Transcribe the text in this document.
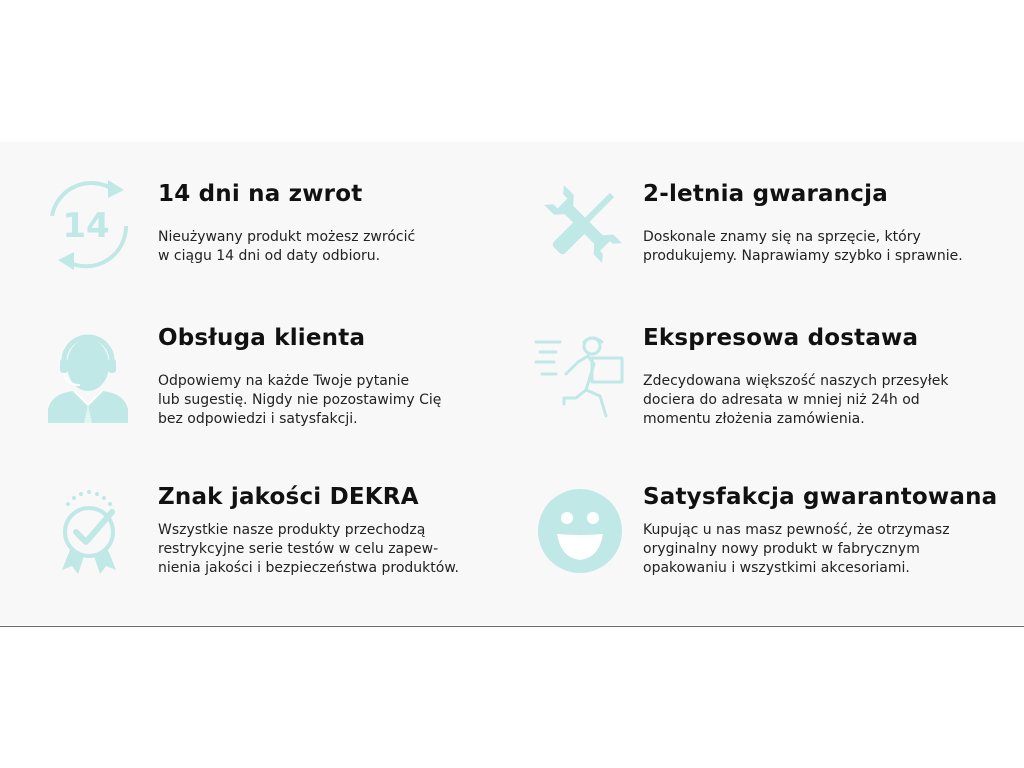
14
14 dni na zwrot

Nieużywany produkt możesz zwrócić
w ciągu 14 dni od daty odbioru.

2-letnia gwarancja

Doskonale znamy się na sprzęcie, który
produkujemy. Naprawiamy szybko i sprawnie.

Obsługa klienta

Odpowiemy na każde Twoje pytanie
lub sugestię. Nigdy nie pozostawimy Cię
bez odpowiedzi i satysfakcji.

Ekspresowa dostawa

Zdecydowana większość naszych przesyłek
dociera do adresata w mniej niż 24h od
momentu złożenia zamówienia.

Znak jakości DEKRA

Wszystkie nasze produkty przechodzą
restrykcyjne serie testów w celu zapew-
nienia jakości i bezpieczeństwa produktów.

Satysfakcja gwarantowana

Kupując u nas masz pewność, że otrzymasz
oryginalny nowy produkt w fabrycznym
opakowaniu i wszystkimi akcesoriami.
